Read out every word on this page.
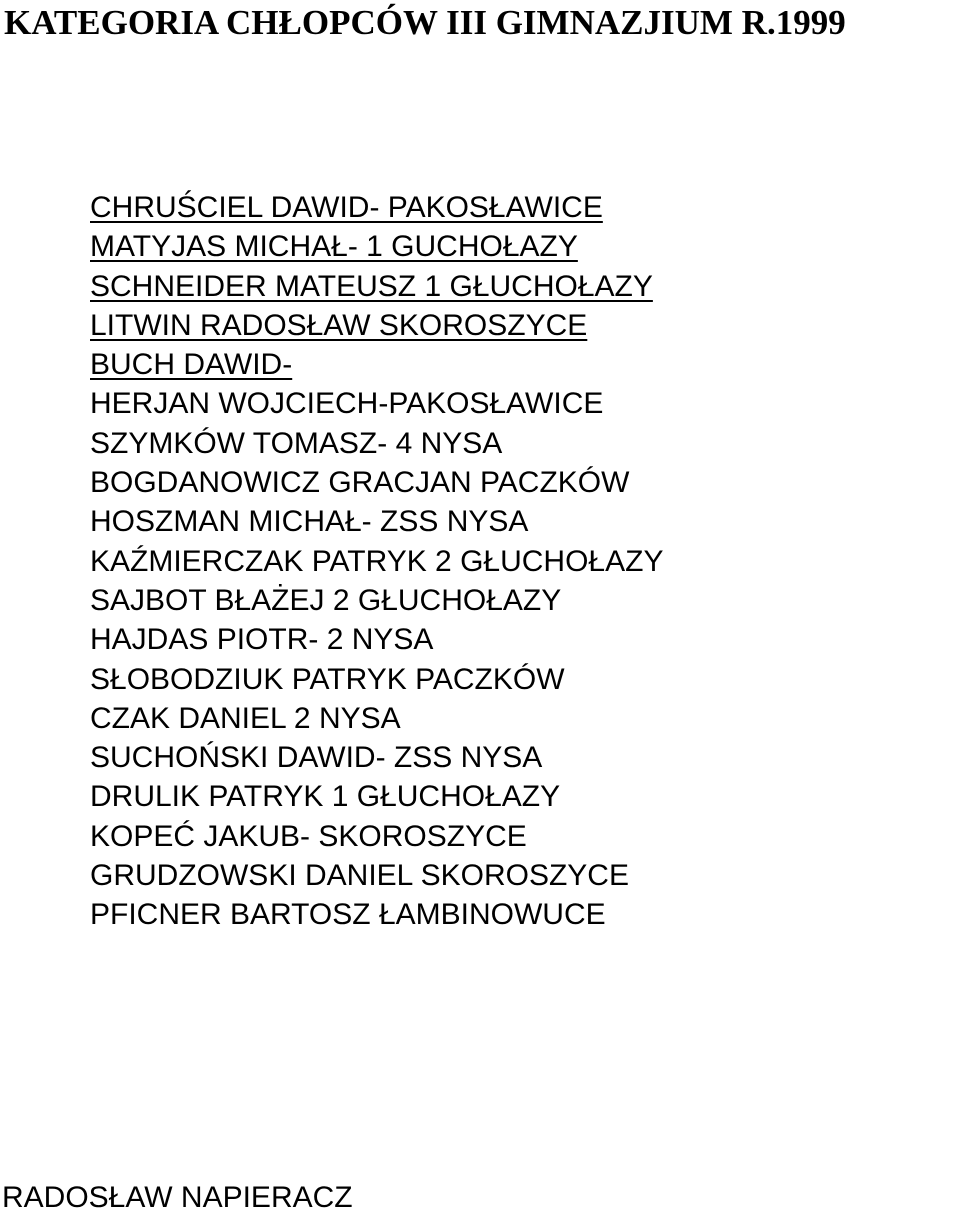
KATEGORIA CHŁOPCÓW III GIMNAZJIUM R.1999
CHRUŚCIEL DAWID- PAKOSŁAWICE
MATYJAS MICHAŁ- 1 GUCHOŁAZY
SCHNEIDER MATEUSZ 1 GŁUCHOŁAZY
LITWIN RADOSŁAW SKOROSZYCE
BUCH DAWID-
HERJAN WOJCIECH-PAKOSŁAWICE
SZYMKÓW TOMASZ- 4 NYSA
BOGDANOWICZ GRACJAN PACZKÓW
HOSZMAN MICHAŁ- ZSS NYSA
KAŹMIERCZAK PATRYK 2 GŁUCHOŁAZY
SAJBOT BŁAŻEJ 2 GŁUCHOŁAZY
HAJDAS PIOTR- 2 NYSA
SŁOBODZIUK PATRYK PACZKÓW
CZAK DANIEL 2 NYSA
SUCHOŃSKI DAWID- ZSS NYSA
DRULIK PATRYK 1 GŁUCHOŁAZY
KOPEĆ JAKUB- SKOROSZYCE
GRUDZOWSKI DANIEL SKOROSZYCE
PFICNER BARTOSZ ŁAMBINOWUCE

RADOSŁAW NAPIERACZ
